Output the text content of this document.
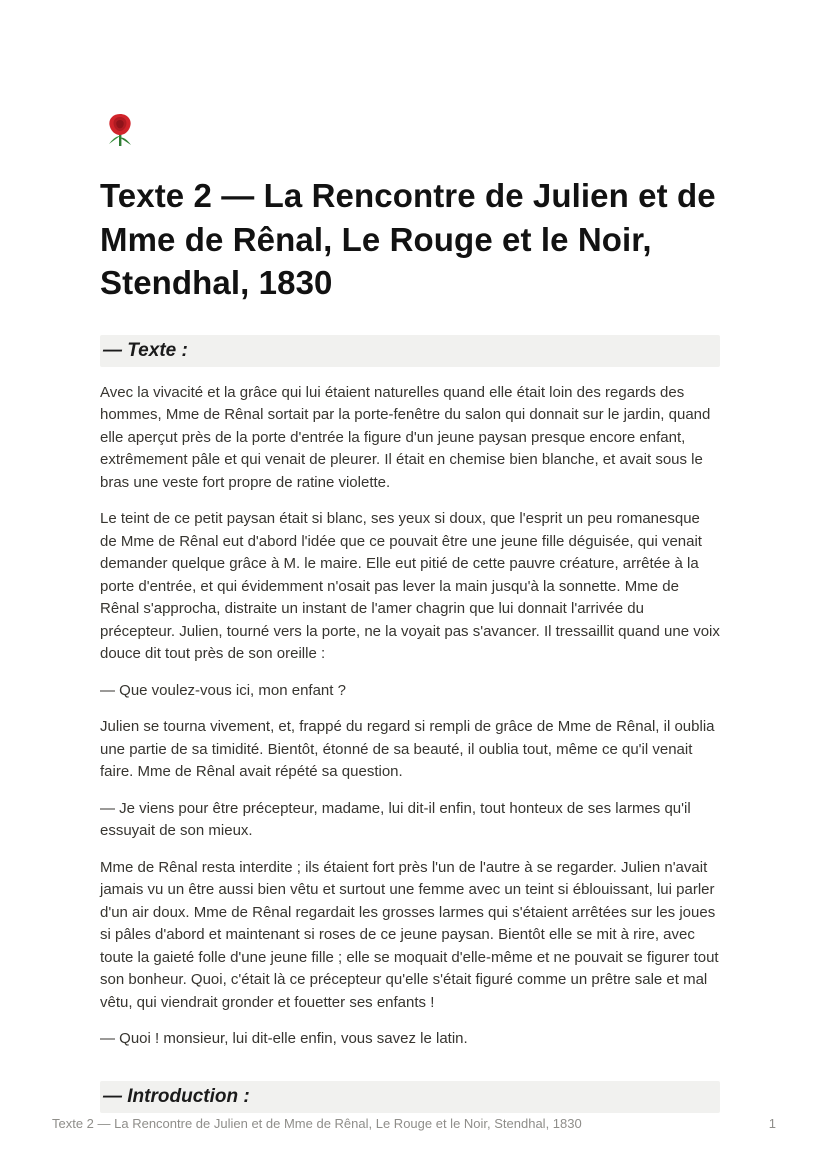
Texte 2 — La Rencontre de Julien et de Mme de Rênal, Le Rouge et le Noir, Stendhal, 1830
— Texte :

Avec la vivacité et la grâce qui lui étaient naturelles quand elle était loin des regards des hommes, Mme de Rênal sortait par la porte-fenêtre du salon qui donnait sur le jardin, quand elle aperçut près de la porte d'entrée la figure d'un jeune paysan presque encore enfant, extrêmement pâle et qui venait de pleurer. Il était en chemise bien blanche, et avait sous le bras une veste fort propre de ratine violette.

Le teint de ce petit paysan était si blanc, ses yeux si doux, que l'esprit un peu romanesque de Mme de Rênal eut d'abord l'idée que ce pouvait être une jeune fille déguisée, qui venait demander quelque grâce à M. le maire. Elle eut pitié de cette pauvre créature, arrêtée à la porte d'entrée, et qui évidemment n'osait pas lever la main jusqu'à la sonnette. Mme de Rênal s'approcha, distraite un instant de l'amer chagrin que lui donnait l'arrivée du précepteur. Julien, tourné vers la porte, ne la voyait pas s'avancer. Il tressaillit quand une voix douce dit tout près de son oreille :

— Que voulez-vous ici, mon enfant ?

Julien se tourna vivement, et, frappé du regard si rempli de grâce de Mme de Rênal, il oublia une partie de sa timidité. Bientôt, étonné de sa beauté, il oublia tout, même ce qu'il venait faire. Mme de Rênal avait répété sa question.

— Je viens pour être précepteur, madame, lui dit-il enfin, tout honteux de ses larmes qu'il essuyait de son mieux.

Mme de Rênal resta interdite ; ils étaient fort près l'un de l'autre à se regarder. Julien n'avait jamais vu un être aussi bien vêtu et surtout une femme avec un teint si éblouissant, lui parler d'un air doux. Mme de Rênal regardait les grosses larmes qui s'étaient arrêtées sur les joues si pâles d'abord et maintenant si roses de ce jeune paysan. Bientôt elle se mit à rire, avec toute la gaieté folle d'une jeune fille ; elle se moquait d'elle-même et ne pouvait se figurer tout son bonheur. Quoi, c'était là ce précepteur qu'elle s'était figuré comme un prêtre sale et mal vêtu, qui viendrait gronder et fouetter ses enfants !

— Quoi ! monsieur, lui dit-elle enfin, vous savez le latin.

— Introduction :
Texte 2 — La Rencontre de Julien et de Mme de Rênal, Le Rouge et le Noir, Stendhal, 1830	1
